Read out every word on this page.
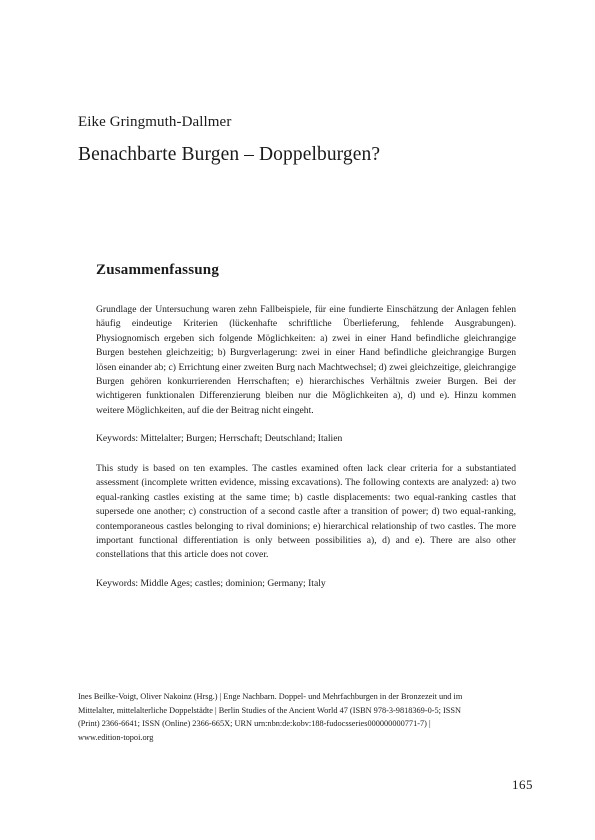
Eike Gringmuth-Dallmer
Benachbarte Burgen – Doppelburgen?
Zusammenfassung

Grundlage der Untersuchung waren zehn Fallbeispiele, für eine fundierte Einschätzung der Anlagen fehlen häufig eindeutige Kriterien (lückenhafte schriftliche Überlieferung, fehlende Ausgrabungen). Physiognomisch ergeben sich folgende Möglichkeiten: a) zwei in einer Hand befindliche gleichrangige Burgen bestehen gleichzeitig; b) Burgverlagerung: zwei in einer Hand befindliche gleichrangige Burgen lösen einander ab; c) Errichtung einer zweiten Burg nach Machtwechsel; d) zwei gleichzeitige, gleichrangige Burgen gehören konkurrierenden Herrschaften; e) hierarchisches Verhältnis zweier Burgen. Bei der wichtigeren funktionalen Differenzierung bleiben nur die Möglichkeiten a), d) und e). Hinzu kommen weitere Möglichkeiten, auf die der Beitrag nicht eingeht.

Keywords: Mittelalter; Burgen; Herrschaft; Deutschland; Italien

This study is based on ten examples. The castles examined often lack clear criteria for a substantiated assessment (incomplete written evidence, missing excavations). The following contexts are analyzed: a) two equal-ranking castles existing at the same time; b) castle displacements: two equal-ranking castles that supersede one another; c) construction of a second castle after a transition of power; d) two equal-ranking, contemporaneous castles belonging to rival dominions; e) hierarchical relationship of two castles. The more important functional differentiation is only between possibilities a), d) and e). There are also other constellations that this article does not cover.

Keywords: Middle Ages; castles; dominion; Germany; Italy

Ines Beilke-Voigt, Oliver Nakoinz (Hrsg.) | Enge Nachbarn. Doppel- und Mehrfachburgen in der Bronzezeit und im Mittelalter, mittelalterliche Doppelstädte | Berlin Studies of the Ancient World 47 (ISBN 978-3-9818369-0-5; ISSN (Print) 2366-6641; ISSN (Online) 2366-665X; URN urn:nbn:de:kobv:188-fudocsseries000000000771-7) | www.edition-topoi.org

165
